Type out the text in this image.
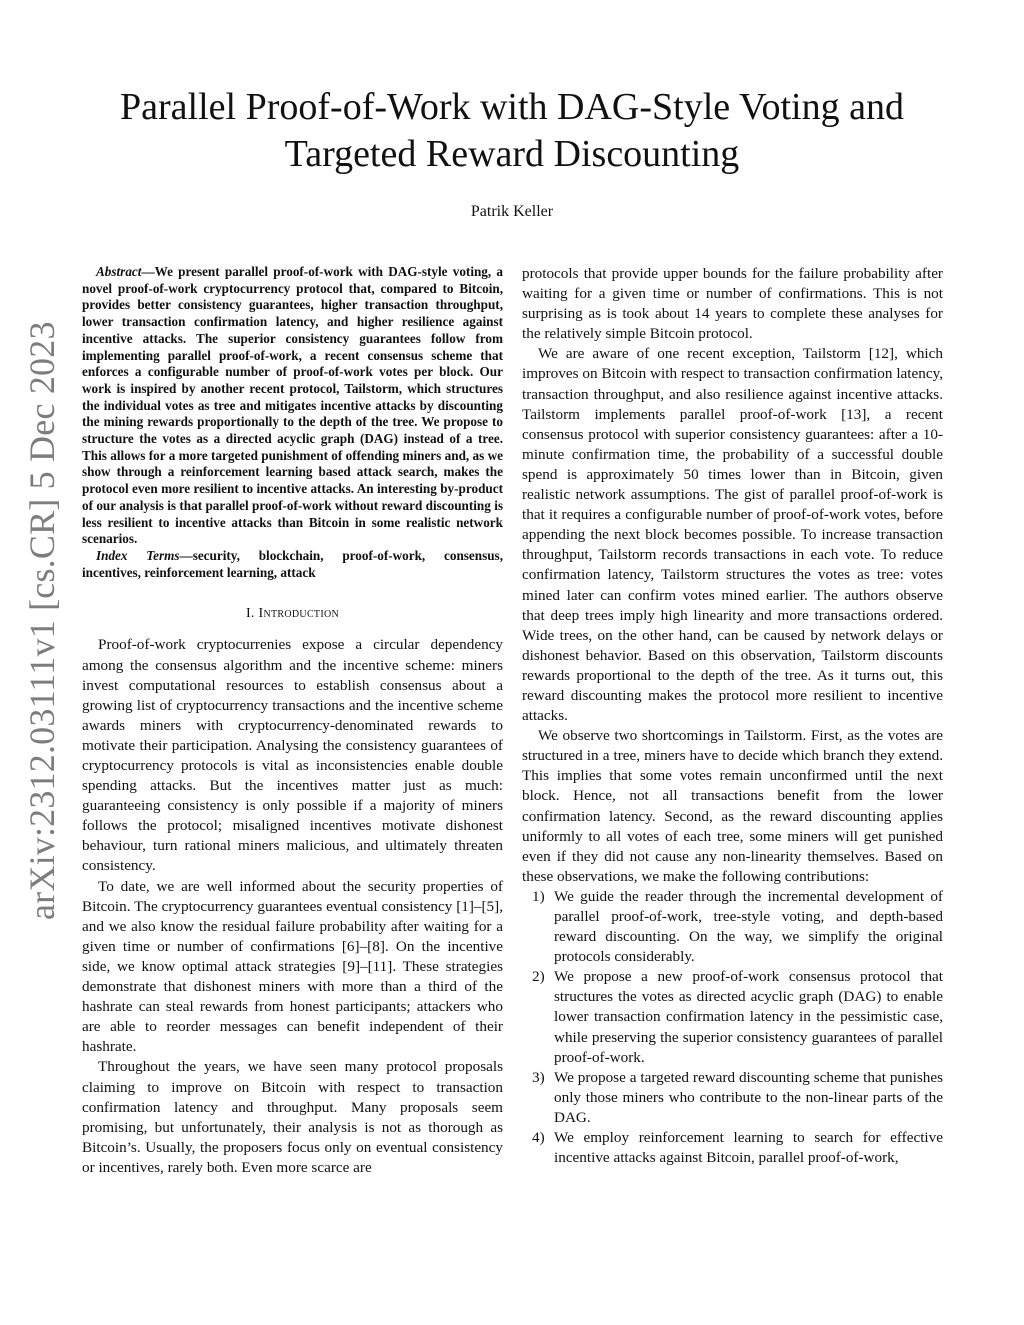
arXiv:2312.03111v1 [cs.CR] 5 Dec 2023
Parallel Proof-of-Work with DAG-Style Voting and Targeted Reward Discounting
Patrik Keller

Abstract—We present parallel proof-of-work with DAG-style voting, a novel proof-of-work cryptocurrency protocol that, compared to Bitcoin, provides better consistency guarantees, higher transaction throughput, lower transaction confirmation latency, and higher resilience against incentive attacks. The superior consistency guarantees follow from implementing parallel proof-of-work, a recent consensus scheme that enforces a configurable number of proof-of-work votes per block. Our work is inspired by another recent protocol, Tailstorm, which structures the individual votes as tree and mitigates incentive attacks by discounting the mining rewards proportionally to the depth of the tree. We propose to structure the votes as a directed acyclic graph (DAG) instead of a tree. This allows for a more targeted punishment of offending miners and, as we show through a reinforcement learning based attack search, makes the protocol even more resilient to incentive attacks. An interesting by-product of our analysis is that parallel proof-of-work without reward discounting is less resilient to incentive attacks than Bitcoin in some realistic network scenarios.

Index Terms—security, blockchain, proof-of-work, consensus, incentives, reinforcement learning, attack

I. Introduction

Proof-of-work cryptocurrenies expose a circular dependency among the consensus algorithm and the incentive scheme: miners invest computational resources to establish consensus about a growing list of cryptocurrency transactions and the incentive scheme awards miners with cryptocurrency-denominated rewards to motivate their participation. Analysing the consistency guarantees of cryptocurrency protocols is vital as inconsistencies enable double spending attacks. But the incentives matter just as much: guaranteeing consistency is only possible if a majority of miners follows the protocol; misaligned incentives motivate dishonest behaviour, turn rational miners malicious, and ultimately threaten consistency.

To date, we are well informed about the security properties of Bitcoin. The cryptocurrency guarantees eventual consistency [1]–[5], and we also know the residual failure probability after waiting for a given time or number of confirmations [6]–[8]. On the incentive side, we know optimal attack strategies [9]–[11]. These strategies demonstrate that dishonest miners with more than a third of the hashrate can steal rewards from honest participants; attackers who are able to reorder messages can benefit independent of their hashrate.

Throughout the years, we have seen many protocol proposals claiming to improve on Bitcoin with respect to transaction confirmation latency and throughput. Many proposals seem promising, but unfortunately, their analysis is not as thorough as Bitcoin’s. Usually, the proposers focus only on eventual consistency or incentives, rarely both. Even more scarce are

protocols that provide upper bounds for the failure probability after waiting for a given time or number of confirmations. This is not surprising as is took about 14 years to complete these analyses for the relatively simple Bitcoin protocol.

We are aware of one recent exception, Tailstorm [12], which improves on Bitcoin with respect to transaction confirmation latency, transaction throughput, and also resilience against incentive attacks. Tailstorm implements parallel proof-of-work [13], a recent consensus protocol with superior consistency guarantees: after a 10-minute confirmation time, the probability of a successful double spend is approximately 50 times lower than in Bitcoin, given realistic network assumptions. The gist of parallel proof-of-work is that it requires a configurable number of proof-of-work votes, before appending the next block becomes possible. To increase transaction throughput, Tailstorm records transactions in each vote. To reduce confirmation latency, Tailstorm structures the votes as tree: votes mined later can confirm votes mined earlier. The authors observe that deep trees imply high linearity and more transactions ordered. Wide trees, on the other hand, can be caused by network delays or dishonest behavior. Based on this observation, Tailstorm discounts rewards proportional to the depth of the tree. As it turns out, this reward discounting makes the protocol more resilient to incentive attacks.

We observe two shortcomings in Tailstorm. First, as the votes are structured in a tree, miners have to decide which branch they extend. This implies that some votes remain unconfirmed until the next block. Hence, not all transactions benefit from the lower confirmation latency. Second, as the reward discounting applies uniformly to all votes of each tree, some miners will get punished even if they did not cause any non-linearity themselves. Based on these observations, we make the following contributions:

1) We guide the reader through the incremental development of parallel proof-of-work, tree-style voting, and depth-based reward discounting. On the way, we simplify the original protocols considerably.
2) We propose a new proof-of-work consensus protocol that structures the votes as directed acyclic graph (DAG) to enable lower transaction confirmation latency in the pessimistic case, while preserving the superior consistency guarantees of parallel proof-of-work.
3) We propose a targeted reward discounting scheme that punishes only those miners who contribute to the non-linear parts of the DAG.
4) We employ reinforcement learning to search for effective incentive attacks against Bitcoin, parallel proof-of-work,
